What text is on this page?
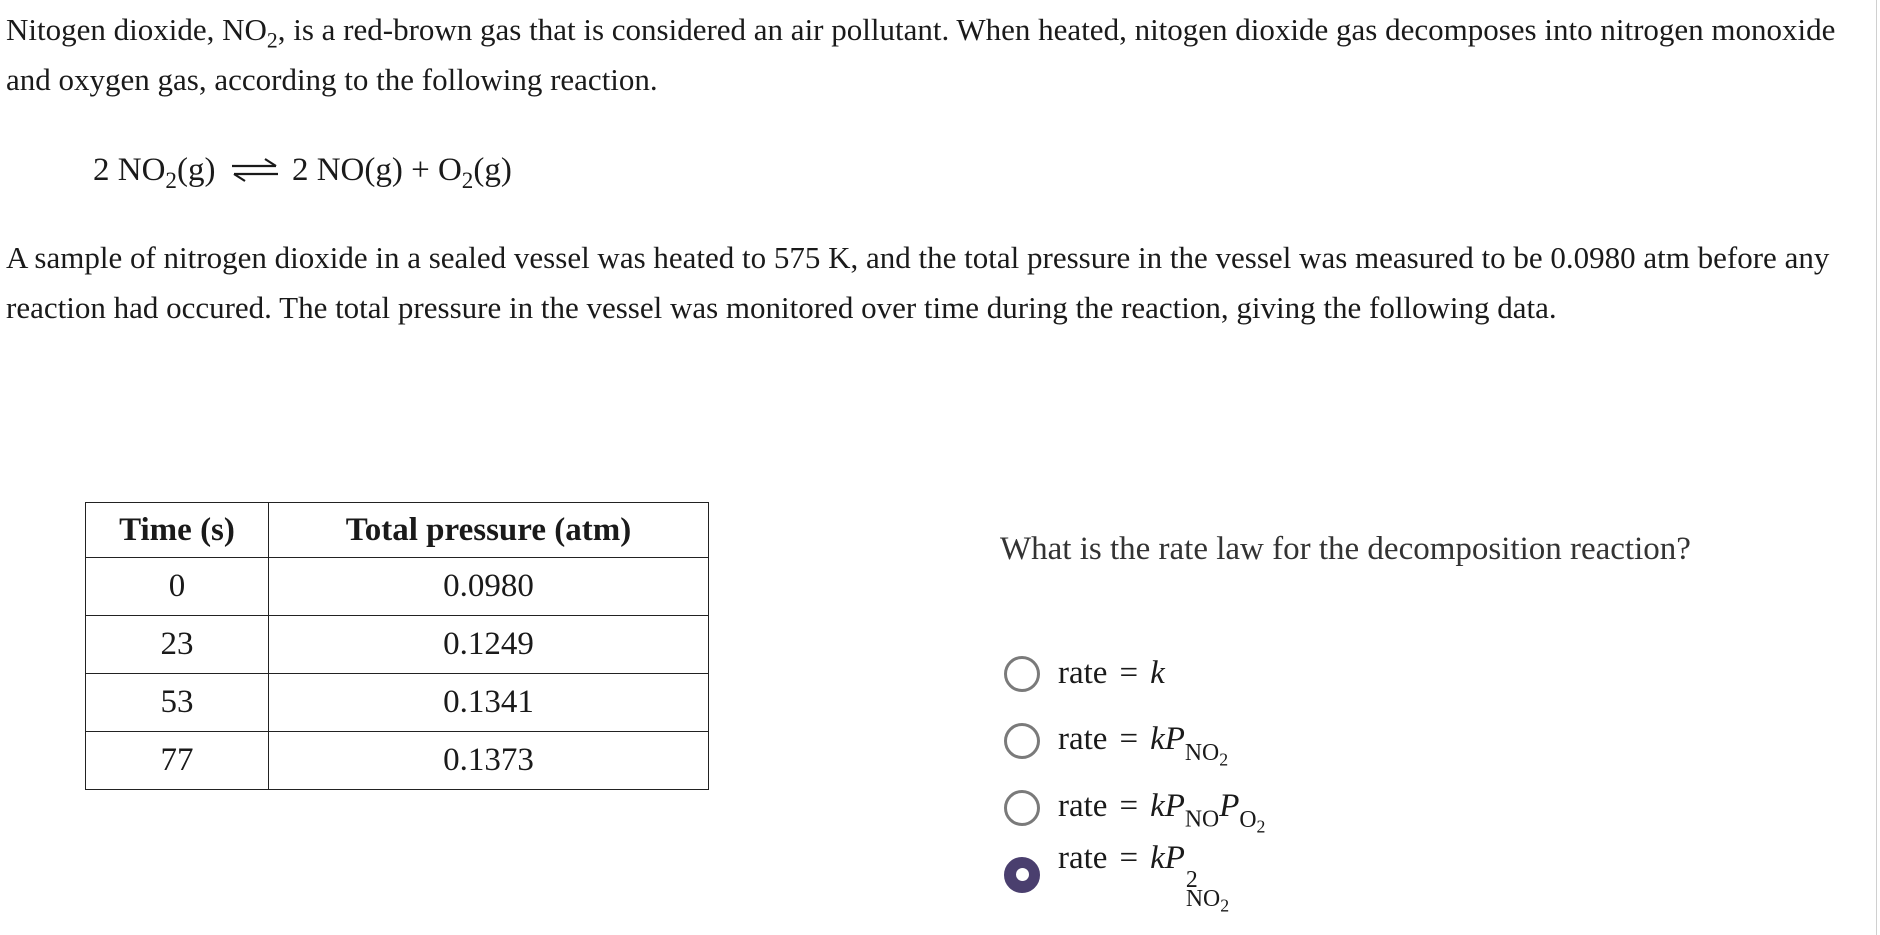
Nitogen dioxide, $NO_2$, is a red-brown gas that is considered an air pollutant. When heated, nitogen dioxide gas decomposes into nitrogen monoxide and oxygen gas, according to the following reaction.

2 $NO_2(g)$ ⇌ 2 $NO(g) + O_2(g)$

A sample of nitrogen dioxide in a sealed vessel was heated to 575 K, and the total pressure in the vessel was measured to be 0.0980 atm before any reaction had occured. The total pressure in the vessel was monitored over time during the reaction, giving the following data.

Time (s)	Total pressure (atm)
0	0.0980
23	0.1249
53	0.1341
77	0.1373

What is the rate law for the decomposition reaction?

rate = k
rate = $kP_{NO_2}$
rate = $kP_{NO}P_{O_2}$
rate = kP
2
$NO_2$
